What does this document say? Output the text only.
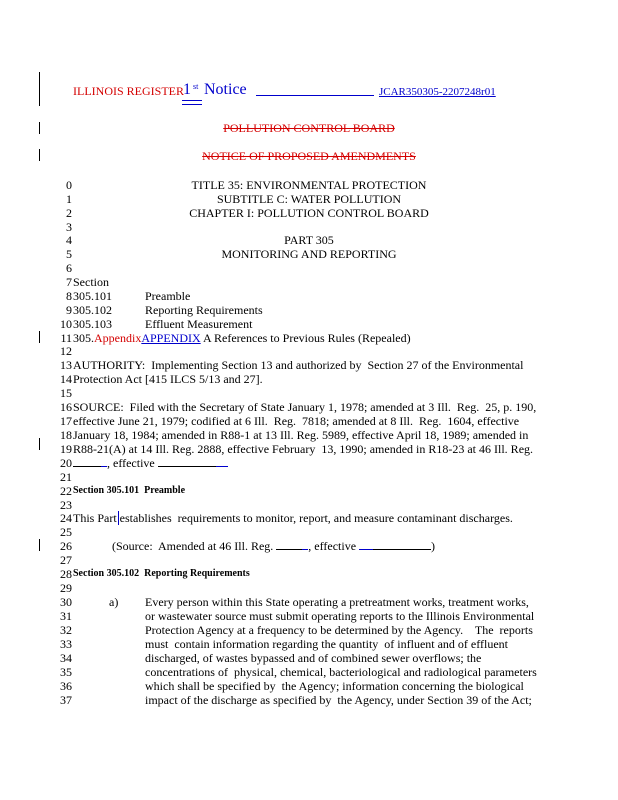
ILLINOIS REGISTER 1 st Notice	JCAR350305-2207248r01
POLLUTION CONTROL BOARD
NOTICE OF PROPOSED AMENDMENTS
0
1
2
3
4
5
6
7
8
9
10
11
12
13
14
15
16
17
18
19
20
21
22
23
24
25
26
27
28
29
30
31
32
33
34
35
36
37
TITLE 35: ENVIRONMENTAL PROTECTION
SUBTITLE C: WATER POLLUTION
CHAPTER I: POLLUTION CONTROL BOARD
PART 305
MONITORING AND REPORTING
Section
305.101	Preamble
305.102	Reporting Requirements
305.103	Effluent Measurement
305.AppendixAPPENDIX A References to Previous Rules (Repealed)
AUTHORITY:  Implementing Section 13 and authorized by  Section 27 of the Environmental
Protection Act [415 ILCS 5/13 and 27].
SOURCE:  Filed with the Secretary of State January 1, 1978; amended at 3 Ill.  Reg.  25, p. 190,
effective June 21, 1979; codified at 6 Ill.  Reg.  7818; amended at 8 Ill.  Reg.  1604, effective
January 18, 1984; amended in R88-1 at 13 Ill. Reg. 5989, effective April 18, 1989; amended in
R88-21(A) at 14 Ill. Reg. 2888, effective February  13, 1990; amended in R18-23 at 46 Ill. Reg.
, effective
Section 305.101  Preamble
This Part establishes  requirements to monitor, report, and measure contaminant discharges.
(Source:  Amended at 46 Ill. Reg.	, effective	)
Section 305.102  Reporting Requirements
a) Every person within this State operating a pretreatment works, treatment works,
or wastewater source must submit operating reports to the Illinois Environmental
Protection Agency at a frequency to be determined by the Agency.    The  reports
must  contain information regarding the quantity  of influent and of effluent
discharged, of wastes bypassed and of combined sewer overflows; the
concentrations of  physical, chemical, bacteriological and radiological parameters
which shall be specified by  the Agency; information concerning the biological
impact of the discharge as specified by  the Agency, under Section 39 of the Act;
